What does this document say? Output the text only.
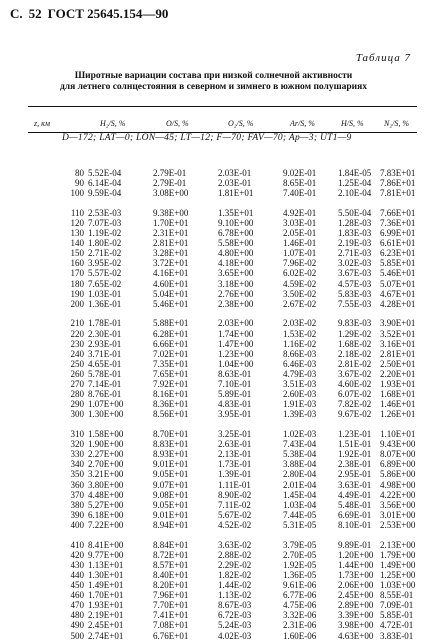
С. 52 ГОСТ 25645.154—90
Таблица 7
Широтные вариации состава при низкой солнечной активности
для летнего солнцестояния в северном и зимнего в южном полушариях
z, км	H₂/S, %	O/S, %	O₂/S, %	Ar/S, %	H/S, %	N₂/S, %
D—172; LAT—0; LON—45; LT—12; F—70; FAV—70; Ap—3; UT1—9
80 5.52E-04	2.79E-01	2.03E-01	9.02E-01 1.84E-05 7.83E+01
90 6.14E-04	2.79E-01	2.03E-01	8.65E-01 1.25E-04 7.86E+01
100 9.59E-04	3.08E+00	1.81E+01	7.40E-01 2.10E-04 7.81E+01
110 2.53E-03	9.38E+00	1.35E+01	4.92E-01 5.50E-04 7.66E+01
120 7.07E-03	1.70E+01	9.10E+00	3.03E-01 1.28E-03 7.36E+01
130 1.19E-02	2.31E+01	6.78E+00	2.05E-01 1.83E-03 6.99E+01
140 1.80E-02	2.81E+01	5.58E+00	1.46E-01 2.19E-03 6.61E+01
150 2.71E-02	3.28E+01	4.80E+00	1.07E-01 2.71E-03 6.23E+01
160 3.95E-02	3.72E+01	4.18E+00	7.96E-02 3.02E-03 5.85E+01
170 5.57E-02	4.16E+01	3.65E+00	6.02E-02 3.67E-03 5.46E+01
180 7.65E-02	4.60E+01	3.18E+00	4.59E-02 4.57E-03 5.07E+01
190 1.03E-01	5.04E+01	2.76E+00	3.50E-02 5.83E-03 4.67E+01
200 1.36E-01	5.46E+01	2.38E+00	2.67E-02 7.55E-03 4.28E+01
210 1.78E-01	5.88E+01	2.03E+00	2.03E-02 9.83E-03 3.90E+01
220 2.30E-01	6.28E+01	1.74E+00	1.53E-02 1.29E-02 3.52E+01
230 2.93E-01	6.66E+01	1.47E+00	1.16E-02 1.68E-02 3.16E+01
240 3.71E-01	7.02E+01	1.23E+00	8.66E-03 2.18E-02 2.81E+01
250 4.65E-01	7.35E+01	1.04E+00	6.46E-03 2.81E-02 2.50E+01
260 5.78E-01	7.65E+01	8.63E-01	4.79E-03 3.67E-02 2.20E+01
270 7.14E-01	7.92E+01	7.10E-01	3.51E-03 4.60E-02 1.93E+01
280 8.76E-01	8.16E+01	5.89E-01	2.60E-03 6.07E-02 1.68E+01
290 1.07E+00	8.36E+01	4.83E-01	1.91E-03 7.82E-02 1.46E+01
300 1.30E+00	8.56E+01	3.95E-01	1.39E-03 9.67E-02 1.26E+01
310 1.58E+00	8.70E+01	3.25E-01	1.02E-03 1.23E-01 1.10E+01
320 1.90E+00	8.83E+01	2.63E-01	7.43E-04 1.51E-01 9.43E+00
330 2.27E+00	8.93E+01	2.13E-01	5.38E-04 1.92E-01 8.07E+00
340 2.70E+00	9.01E+01	1.73E-01	3.88E-04 2.38E-01 6.89E+00
350 3.21E+00	9.05E+01	1.39E-01	2.80E-04 2.95E-01 5.86E+00
360 3.80E+00	9.07E+01	1.11E-01	2.01E-04 3.63E-01 4.98E+00
370 4.48E+00	9.08E+01	8.90E-02	1.45E-04 4.49E-01 4.22E+00
380 5.27E+00	9.05E+01	7.11E-02	1.03E-04 5.48E-01 3.56E+00
390 6.18E+00	9.01E+01	5.67E-02	7.44E-05 6.69E-01 3.01E+00
400 7.22E+00	8.94E+01	4.52E-02	5.31E-05 8.10E-01 2.53E+00
410 8.41E+00	8.84E+01	3.63E-02	3.79E-05 9.89E-01 2.13E+00
420 9.77E+00	8.72E+01	2.88E-02	2.70E-05 1.20E+00 1.79E+00
430 1.13E+01	8.57E+01	2.29E-02	1.92E-05 1.44E+00 1.49E+00
440 1.30E+01	8.40E+01	1.82E-02	1.36E-05 1.73E+00 1.25E+00
450 1.49E+01	8.20E+01	1.44E-02	9.61E-06 2.06E+00 1.03E+00
460 1.70E+01	7.96E+01	1.13E-02	6.77E-06 2.45E+00 8.55E-01
470 1.93E+01	7.70E+01	8.67E-03	4.75E-06 2.89E+00 7.09E-01
480 2.19E+01	7.41E+01	6.72E-03	3.32E-06 3.39E+00 5.85E-01
490 2.45E+01	7.08E+01	5.24E-03	2.31E-06 3.98E+00 4.72E-01
500 2.74E+01	6.76E+01	4.02E-03	1.60E-06 4.63E+00 3.83E-01
